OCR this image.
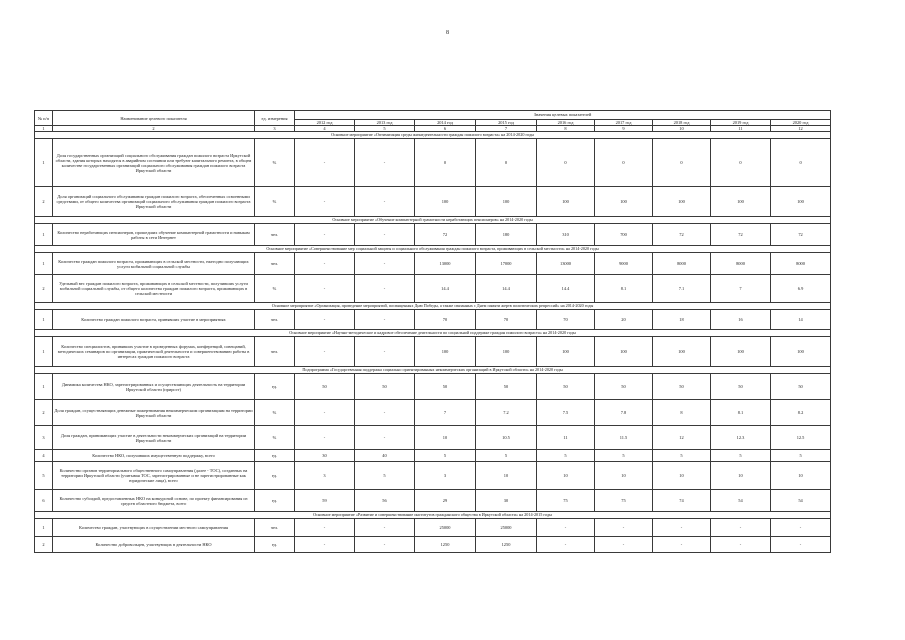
8
№ п/п	Наименование целевого показателя	ед. измерения	Значения целевых показателей								
			2012 год	2013 год	2014 год	2015 год	2016 год	2017 год	2018 год	2019 год	2020 год
1	2	3	4	5	6	7	8	9	10	11	12
Основное мероприятие «Оптимизация среды жизнедеятельности граждан пожилого возраста» на 2014-2020 годы											
1	Доля государственных организаций социального обслуживания граждан пожилого возраста Иркутской области, здания которых находятся в аварийном состоянии или требуют капитального ремонта, в общем количестве государственных организаций социального обслуживания граждан пожилого возраста Иркутской области	%	-	-	0	0	0	0	0	0	0
2	Доля организаций социального обслуживания граждан пожилого возраста, обеспеченных освоенными средствами, от общего количества организаций социального обслуживания граждан пожилого возраста Иркутской области	%	-	-	100	100	100	100	100	100	100
Основное мероприятие «Обучение компьютерной грамотности неработающих пенсионеров» на 2014-2020 годы											
1	Количество неработающих пенсионеров, прошедших обучение компьютерной грамотности и навыкам работы в сети Интернет	чел.	-	-	72	180	310	700	72	72	72
Основное мероприятие «Совершенствование мер социальной защиты и социального обслуживания граждан пожилого возраста, проживающих в сельской местности» на 2014-2020 годы											
1	Количество граждан пожилого возраста, проживающих в сельской местности, ежегодно получающих услуги мобильной социальной службы	чел.	-	-	13000	17000	13000	9000	8000	8000	8000
2	Удельный вес граждан пожилого возраста, проживающих в сельской местности, получивших услуги мобильной социальной службы, от общего количества граждан пожилого возраста, проживающих в сельской местности	%	-	-	14.4	14.4	14.4	8.1	7.1	7	6.9
Основное мероприятие «Организация, проведение мероприятий, посвященных Дню Победы, а также связанных с Днем памяти жертв политических репрессий» на 2014-2020 годы											
1	Количество граждан пожилого возраста, принявших участие в мероприятиях	чел.	-	-	70	70	70	20	18	16	14
Основное мероприятие «Научно-методическое и кадровое обеспечение деятельности по социальной поддержке граждан пожилого возраста» на 2014-2020 годы											
1	Количество специалистов, принявших участие в проведенных форумах, конференций, совещаний, методических семинаров по организации, практической деятельности и совершенствованию работы в интересах граждан пожилого возраста	чел.	-	-	100	100	100	100	100	100	100
Подпрограмма «Государственная поддержка социально ориентированных некоммерческих организаций в Иркутской области» на 2014-2020 годы											
1	Динамика количества НКО, зарегистрированных и осуществляющих деятельность на территории Иркутской области (прирост)	ед.	50	50	50	50	50	50	50	50	50
2	Доля граждан, осуществляющих денежные пожертвования некоммерческим организациям на территории Иркутской области	%	-	-	7	7.2	7.5	7.8	8	8.1	8.2
3	Доля граждан, принимающих участие в деятельности некоммерческих организаций на территории Иркутской области	%	-	-	10	10.5	11	11.5	12	12.3	12.5
4	Количество НКО, получивших имущественную поддержку, всего	ед.	30	40	5	5	5	5	5	5	5
5	Количество органов территориального общественного самоуправления (далее - ТОС), созданных на территории Иркутской области (учитывая ТОС, зарегистрированные и не зарегистрированные как юридические лица), всего	ед.	3	5	3	10	10	10	10	10	10
6	Количество субсидий, предоставленных НКО на конкурсной основе, по проекту финансирования из средств областного бюджета, всего	ед.	59	56	29	30	75	75	74	54	54
Основное мероприятие «Развитие и совершенствование институтов гражданского общества в Иркутской области» на 2014-2015 годы											
1	Количество граждан, участвующих в осуществлении местного самоуправления	чел.	-	-	25000	25000	-	-	-	-	-
2	Количество добровольцев, участвующих в деятельности НКО	ед.	-	-	1250	1250	-	-	-	-	-
